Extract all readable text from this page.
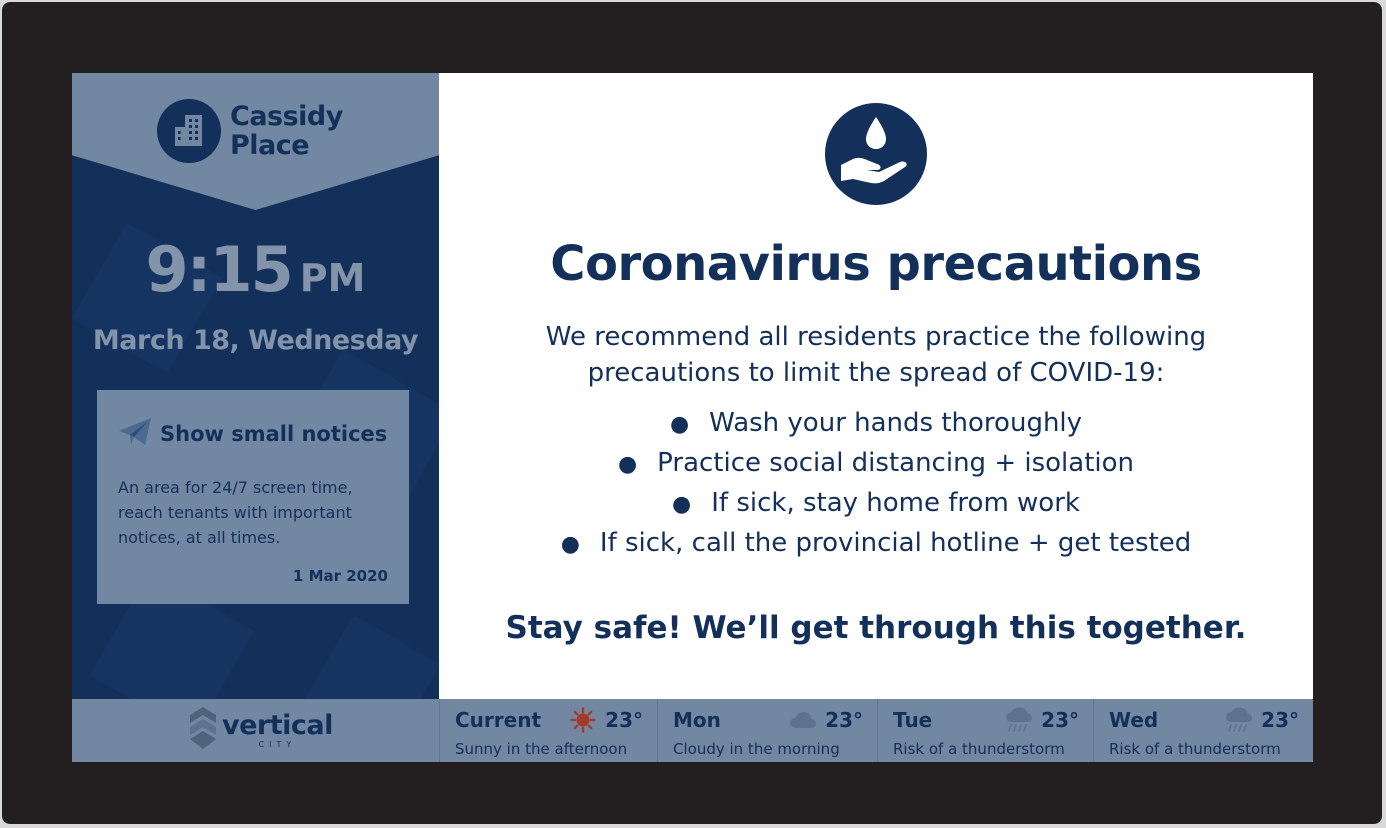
Cassidy
Place
9:15 PM
March 18, Wednesday
Show small notices
An area for 24/7 screen time, reach tenants with important notices, at all times.
1 Mar 2020
Coronavirus precautions
We recommend all residents practice the following precautions to limit the spread of COVID-19:
● Wash your hands thoroughly
● Practice social distancing + isolation
● If sick, stay home from work
● If sick, call the provincial hotline + get tested
Stay safe! We’ll get through this together.
vertical
CITY
Current	23°
Sunny in the afternoon
Mon	23°
Cloudy in the morning
Tue	23°
Risk of a thunderstorm
Wed	23°
Risk of a thunderstorm
